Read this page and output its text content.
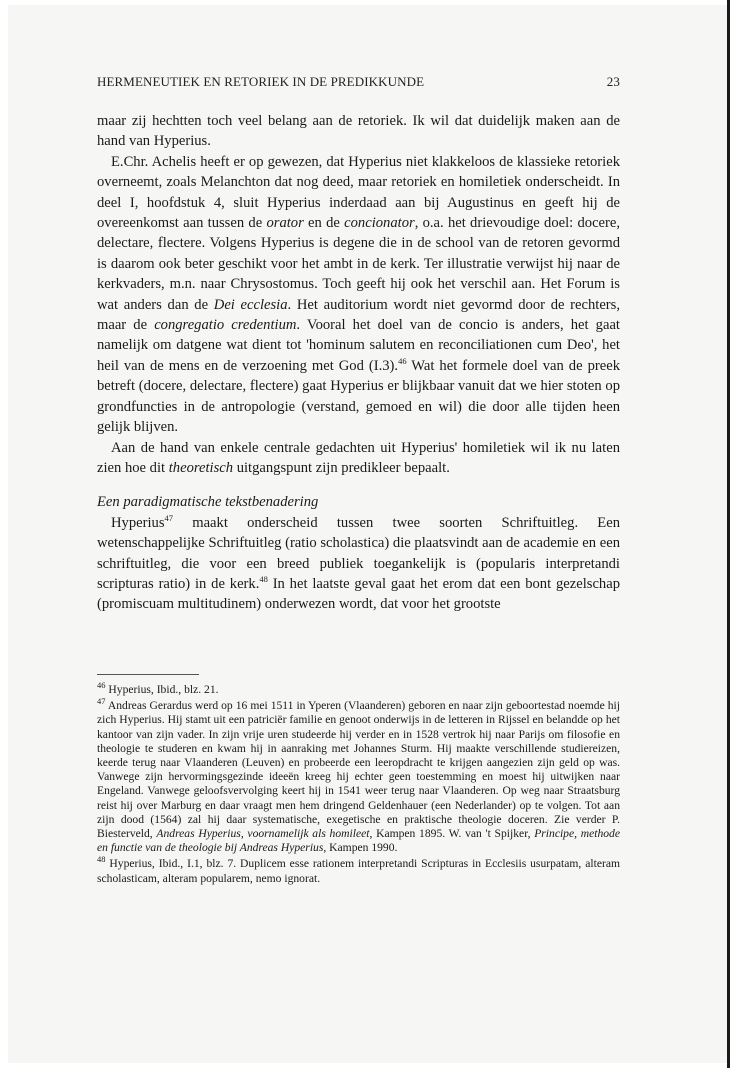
HERMENEUTIEK EN RETORIEK IN DE PREDIKKUNDE	23

maar zij hechtten toch veel belang aan de retoriek. Ik wil dat duidelijk maken aan de hand van Hyperius.

E.Chr. Achelis heeft er op gewezen, dat Hyperius niet klakkeloos de klassieke retoriek overneemt, zoals Melanchton dat nog deed, maar retoriek en homiletiek onderscheidt. In deel I, hoofdstuk 4, sluit Hyperius inderdaad aan bij Augustinus en geeft hij de overeenkomst aan tussen de orator en de concionator, o.a. het drievoudige doel: docere, delectare, flectere. Volgens Hyperius is degene die in de school van de retoren gevormd is daarom ook beter geschikt voor het ambt in de kerk. Ter illustratie verwijst hij naar de kerkvaders, m.n. naar Chrysostomus. Toch geeft hij ook het verschil aan. Het Forum is wat anders dan de Dei ecclesia. Het auditorium wordt niet gevormd door de rechters, maar de congregatio credentium. Vooral het doel van de concio is anders, het gaat namelijk om datgene wat dient tot 'hominum salutem en reconciliationen cum Deo', het heil van de mens en de verzoening met God (I.3).$^{46}$ Wat het formele doel van de preek betreft (docere, delectare, flectere) gaat Hyperius er blijkbaar vanuit dat we hier stoten op grondfuncties in de antropologie (verstand, gemoed en wil) die door alle tijden heen gelijk blijven.

Aan de hand van enkele centrale gedachten uit Hyperius' homiletiek wil ik nu laten zien hoe dit theoretisch uitgangspunt zijn predikleer bepaalt.

Een paradigmatische tekstbenadering

Hyperius$^{47}$ maakt onderscheid tussen twee soorten Schriftuitleg. Een wetenschappelijke Schriftuitleg (ratio scholastica) die plaatsvindt aan de academie en een schriftuitleg, die voor een breed publiek toegankelijk is (popularis interpretandi scripturas ratio) in de kerk.$^{48}$ In het laatste geval gaat het erom dat een bont gezelschap (promiscuam multitudinem) onderwezen wordt, dat voor het grootste

$^{46}$ Hyperius, Ibid., blz. 21.

$^{47}$ Andreas Gerardus werd op 16 mei 1511 in Yperen (Vlaanderen) geboren en naar zijn geboortestad noemde hij zich Hyperius. Hij stamt uit een patriciër familie en genoot onderwijs in de letteren in Rijssel en belandde op het kantoor van zijn vader. In zijn vrije uren studeerde hij verder en in 1528 vertrok hij naar Parijs om filosofie en theologie te studeren en kwam hij in aanraking met Johannes Sturm. Hij maakte verschillende studiereizen, keerde terug naar Vlaanderen (Leuven) en probeerde een leeropdracht te krijgen aangezien zijn geld op was. Vanwege zijn hervormingsgezinde ideeën kreeg hij echter geen toestemming en moest hij uitwijken naar Engeland. Vanwege geloofsvervolging keert hij in 1541 weer terug naar Vlaanderen. Op weg naar Straatsburg reist hij over Marburg en daar vraagt men hem dringend Geldenhauer (een Nederlander) op te volgen. Tot aan zijn dood (1564) zal hij daar systematische, exegetische en praktische theologie doceren. Zie verder P. Biesterveld, Andreas Hyperius, voornamelijk als homileet, Kampen 1895. W. van 't Spijker, Principe, methode en functie van de theologie bij Andreas Hyperius, Kampen 1990.

$^{48}$ Hyperius, Ibid., I.1, blz. 7. Duplicem esse rationem interpretandi Scripturas in Ecclesiis usurpatam, alteram scholasticam, alteram popularem, nemo ignorat.
